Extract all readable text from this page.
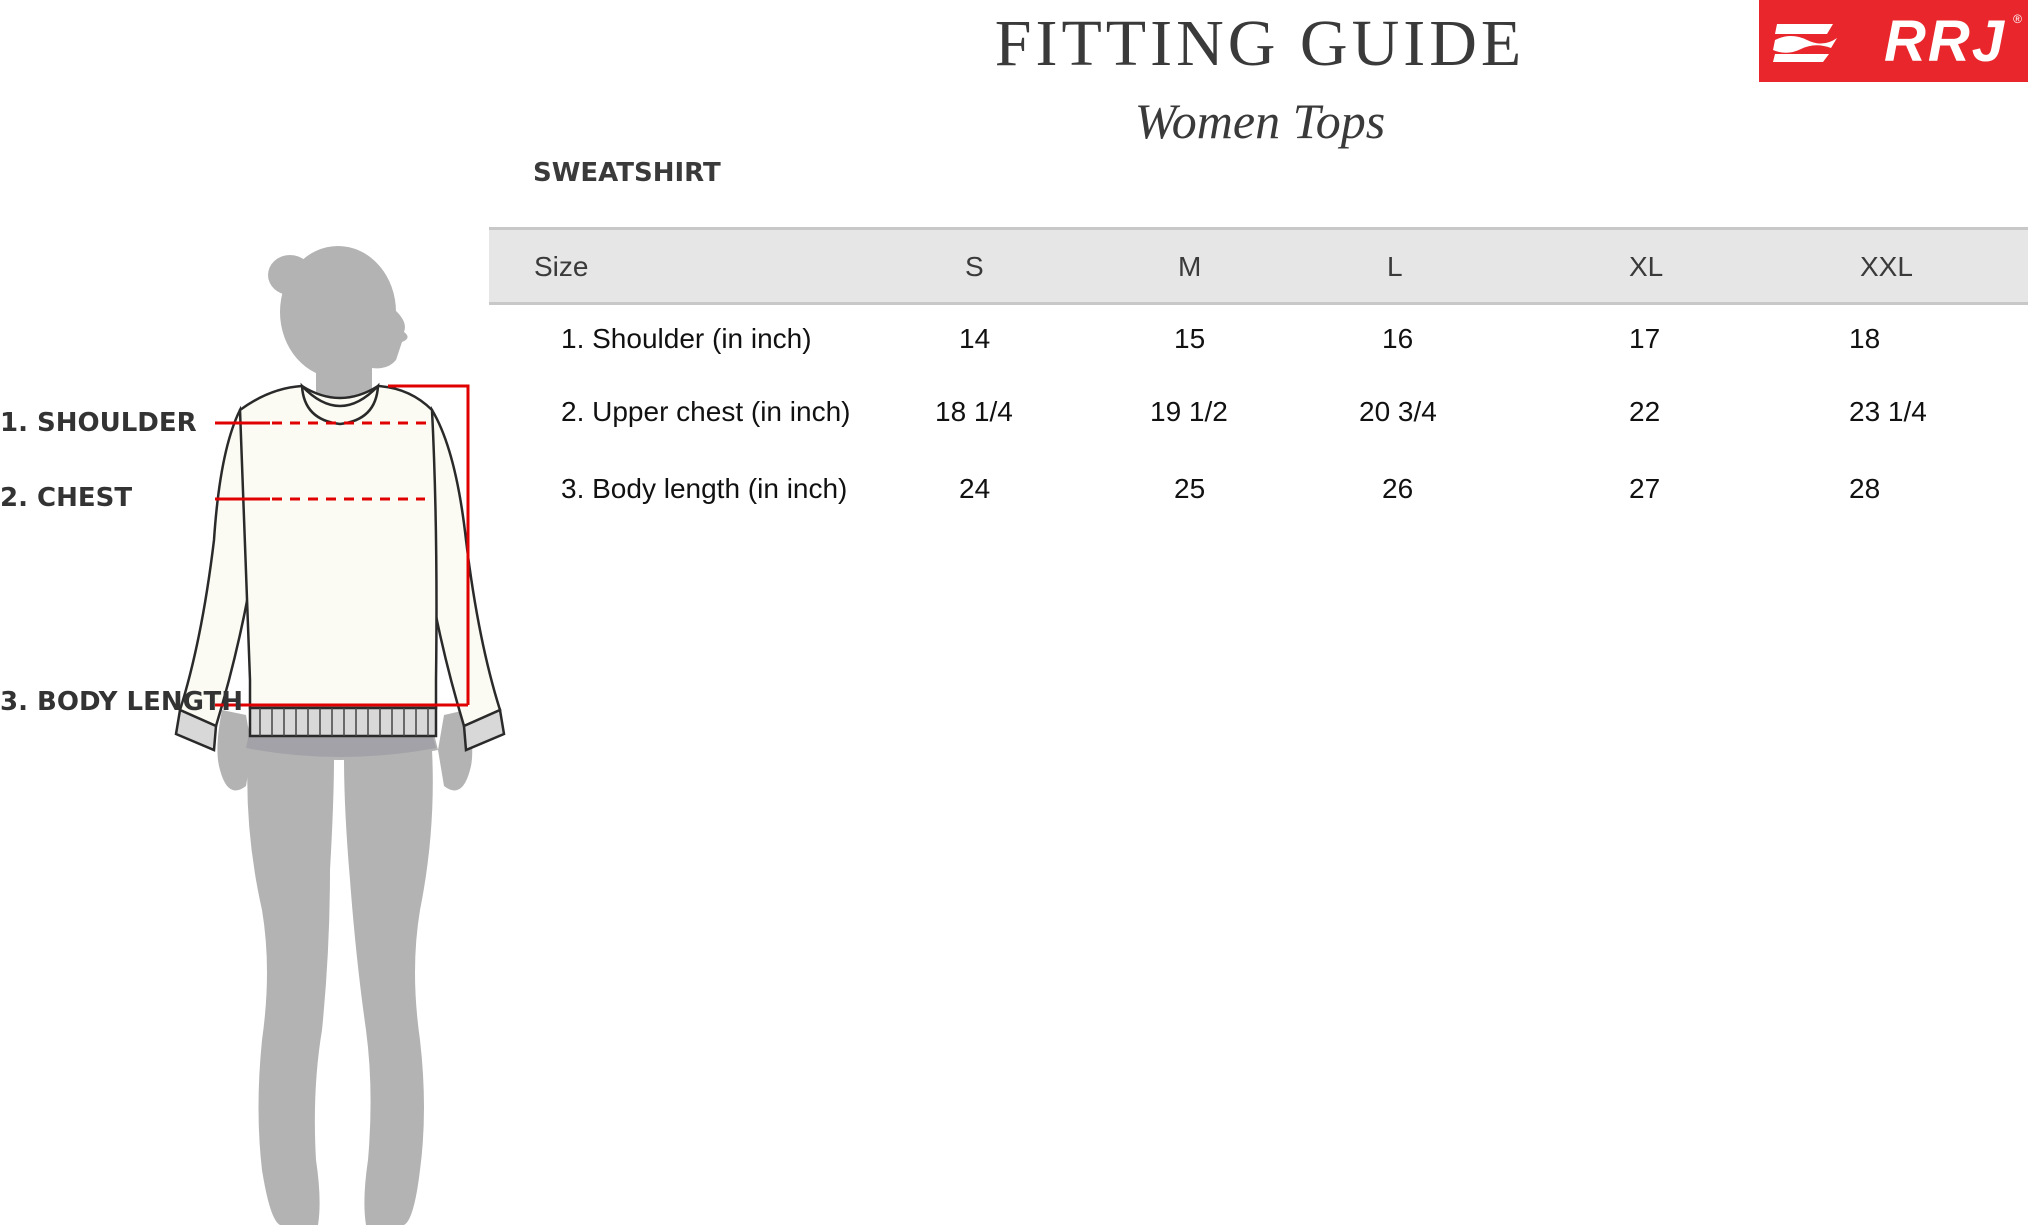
FITTING GUIDE
Women Tops
RRJ ®
SWEATSHIRT
Size	S	M	L	XL	XXL
1. Shoulder (in inch)	14	15	16	17	18
2. Upper chest (in inch)	18 1/4	19 1/2	20 3/4	22	23 1/4
3. Body length (in inch)	24	25	26	27	28
1. SHOULDER
2. CHEST
3. BODY LENGTH
